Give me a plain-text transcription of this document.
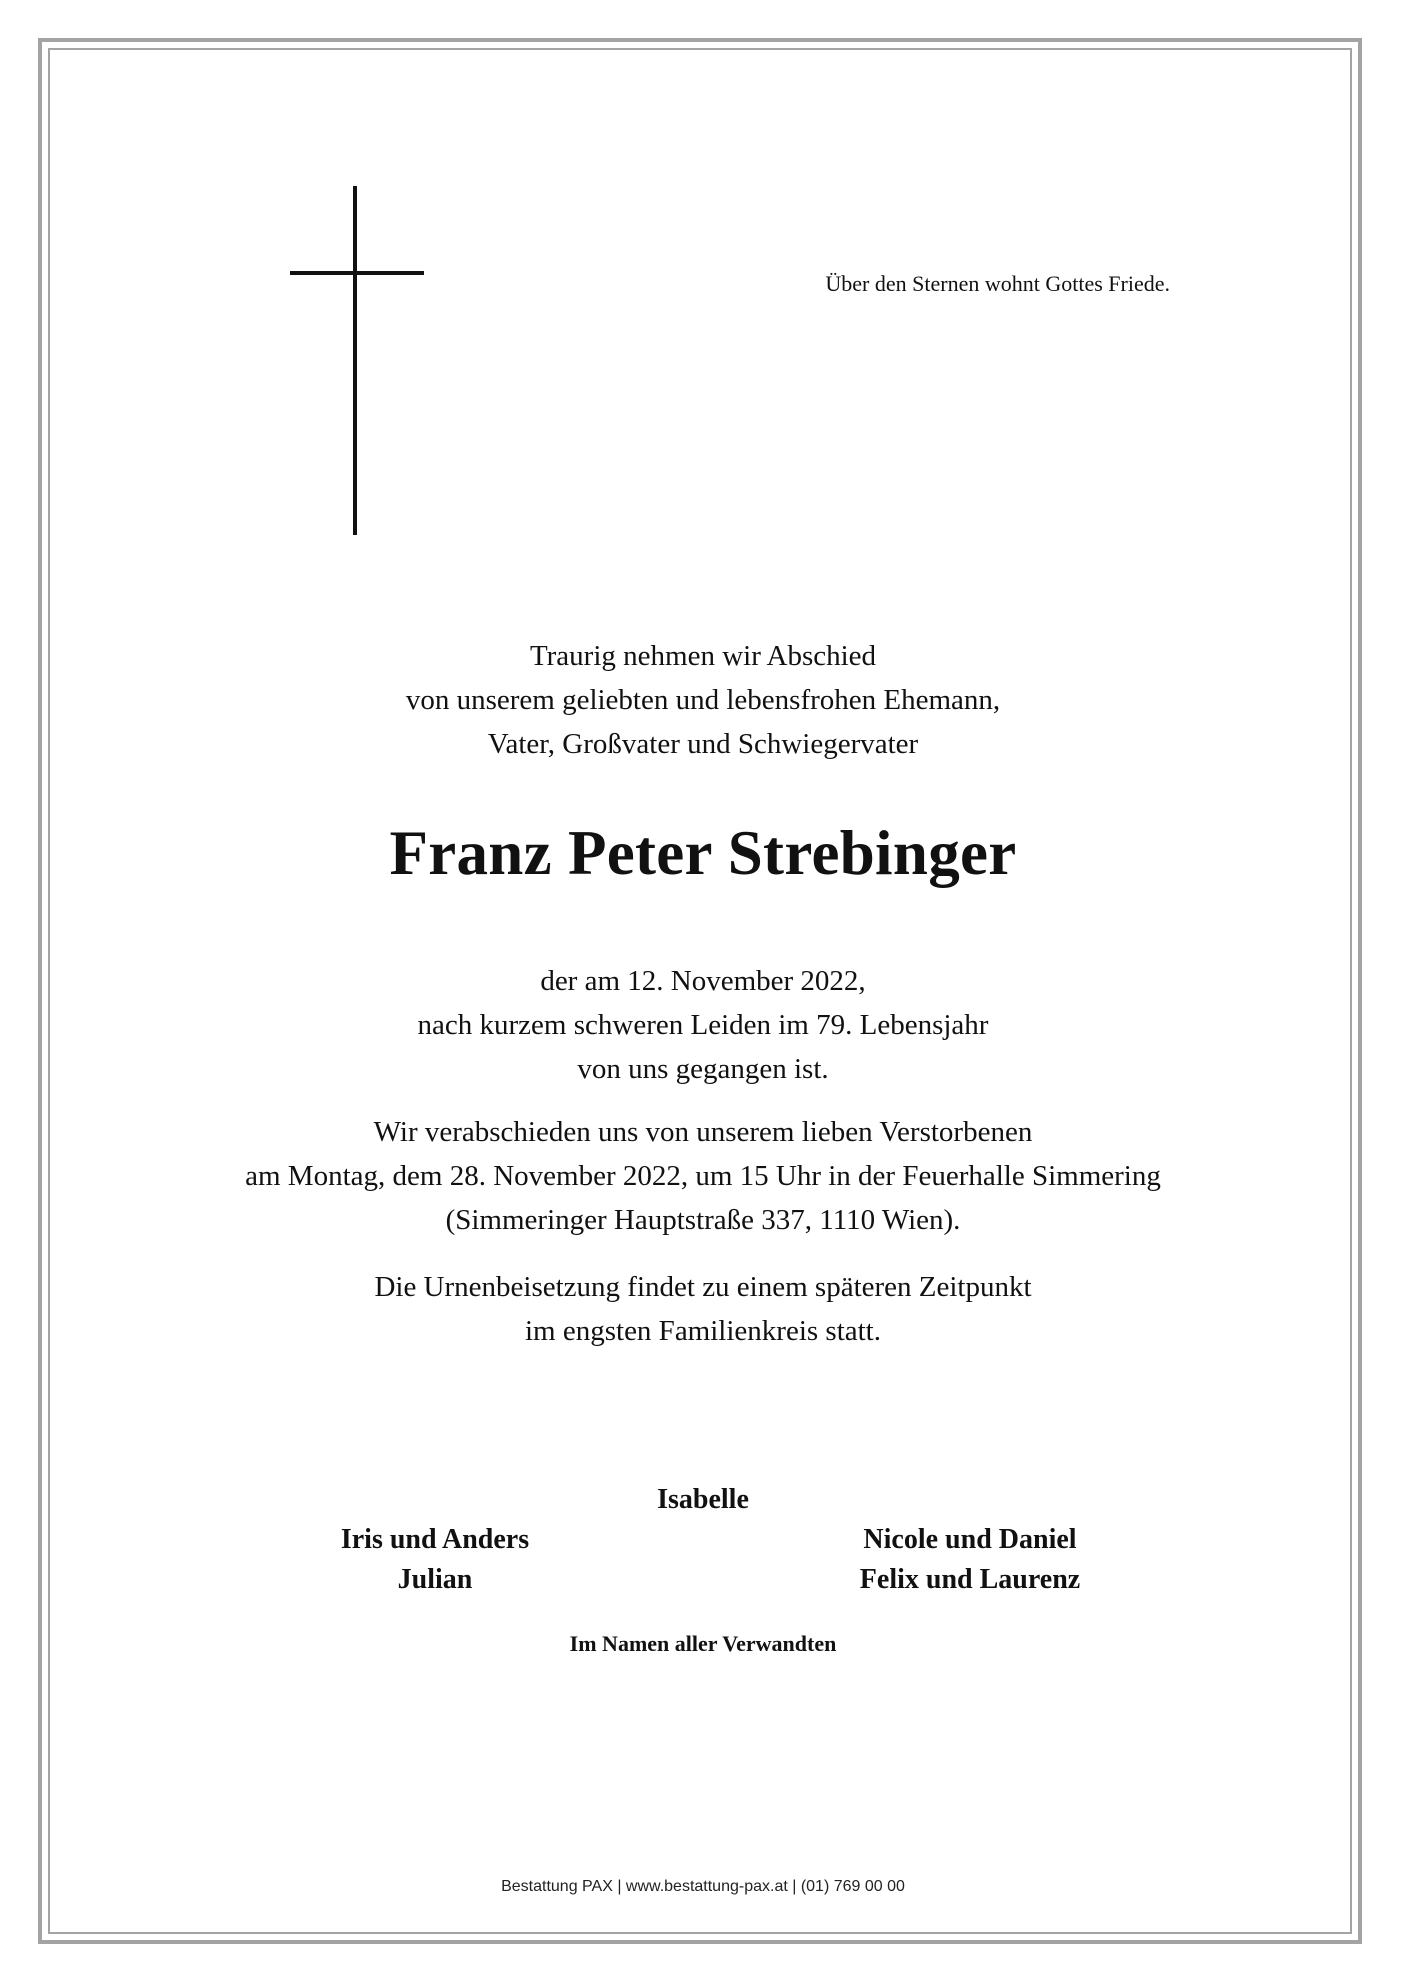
Über den Sternen wohnt Gottes Friede.
Traurig nehmen wir Abschied
von unserem geliebten und lebensfrohen Ehemann,
Vater, Großvater und Schwiegervater
Franz Peter Strebinger
der am 12. November 2022,
nach kurzem schweren Leiden im 79. Lebensjahr
von uns gegangen ist.
Wir verabschieden uns von unserem lieben Verstorbenen
am Montag, dem 28. November 2022, um 15 Uhr in der Feuerhalle Simmering
(Simmeringer Hauptstraße 337, 1110 Wien).
Die Urnenbeisetzung findet zu einem späteren Zeitpunkt
im engsten Familienkreis statt.
Isabelle
Iris und Anders
Julian
Nicole und Daniel
Felix und Laurenz
Im Namen aller Verwandten
Bestattung PAX | www.bestattung-pax.at | (01) 769 00 00
